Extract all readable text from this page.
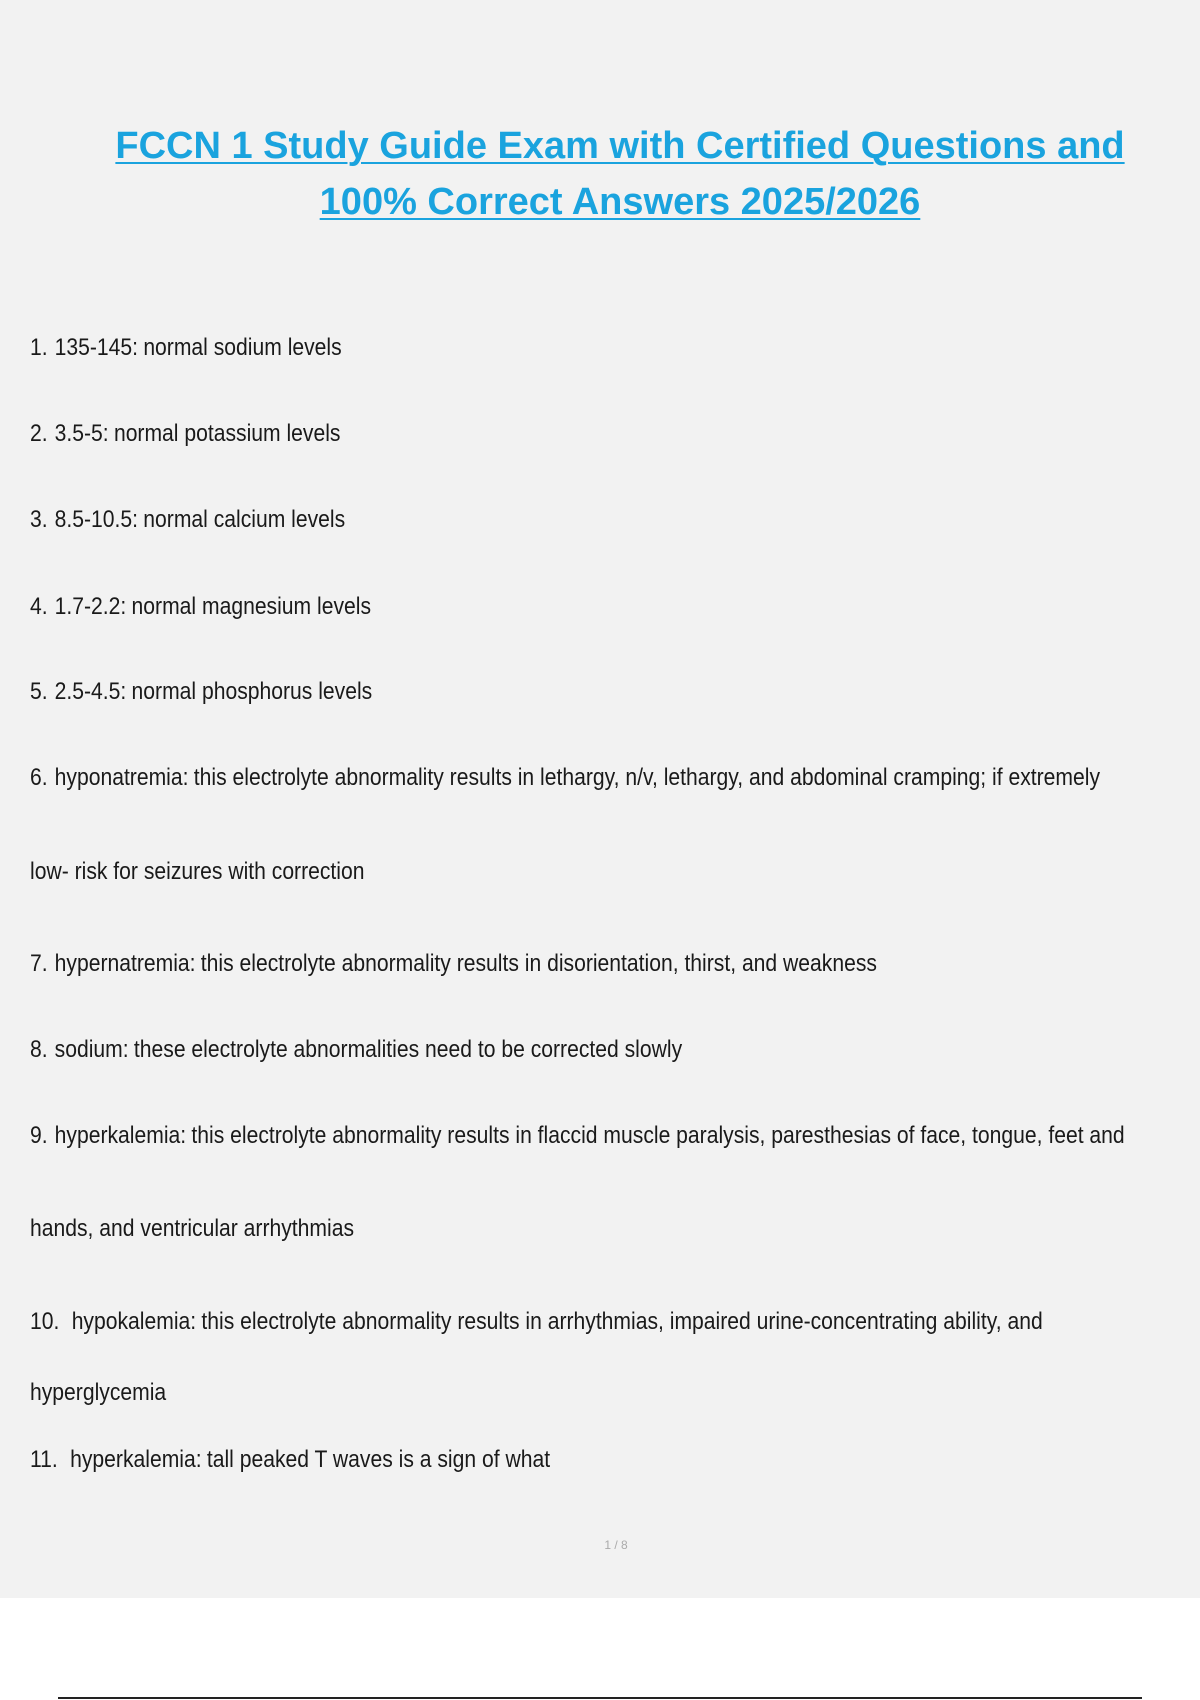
FCCN 1 Study Guide Exam with Certified Questions and
100% Correct Answers 2025/2026
1. 135-145: normal sodium levels
2. 3.5-5: normal potassium levels
3. 8.5-10.5: normal calcium levels
4. 1.7-2.2: normal magnesium levels
5. 2.5-4.5: normal phosphorus levels
6. hyponatremia: this electrolyte abnormality results in lethargy, n/v, lethargy, and abdominal cramping; if extremely
low- risk for seizures with correction
7. hypernatremia: this electrolyte abnormality results in disorientation, thirst, and weakness
8. sodium: these electrolyte abnormalities need to be corrected slowly
9. hyperkalemia: this electrolyte abnormality results in flaccid muscle paralysis, paresthesias of face, tongue, feet and
hands, and ventricular arrhythmias
10. hypokalemia: this electrolyte abnormality results in arrhythmias, impaired urine-concentrating ability, and
hyperglycemia
11. hyperkalemia: tall peaked T waves is a sign of what
1 / 8
